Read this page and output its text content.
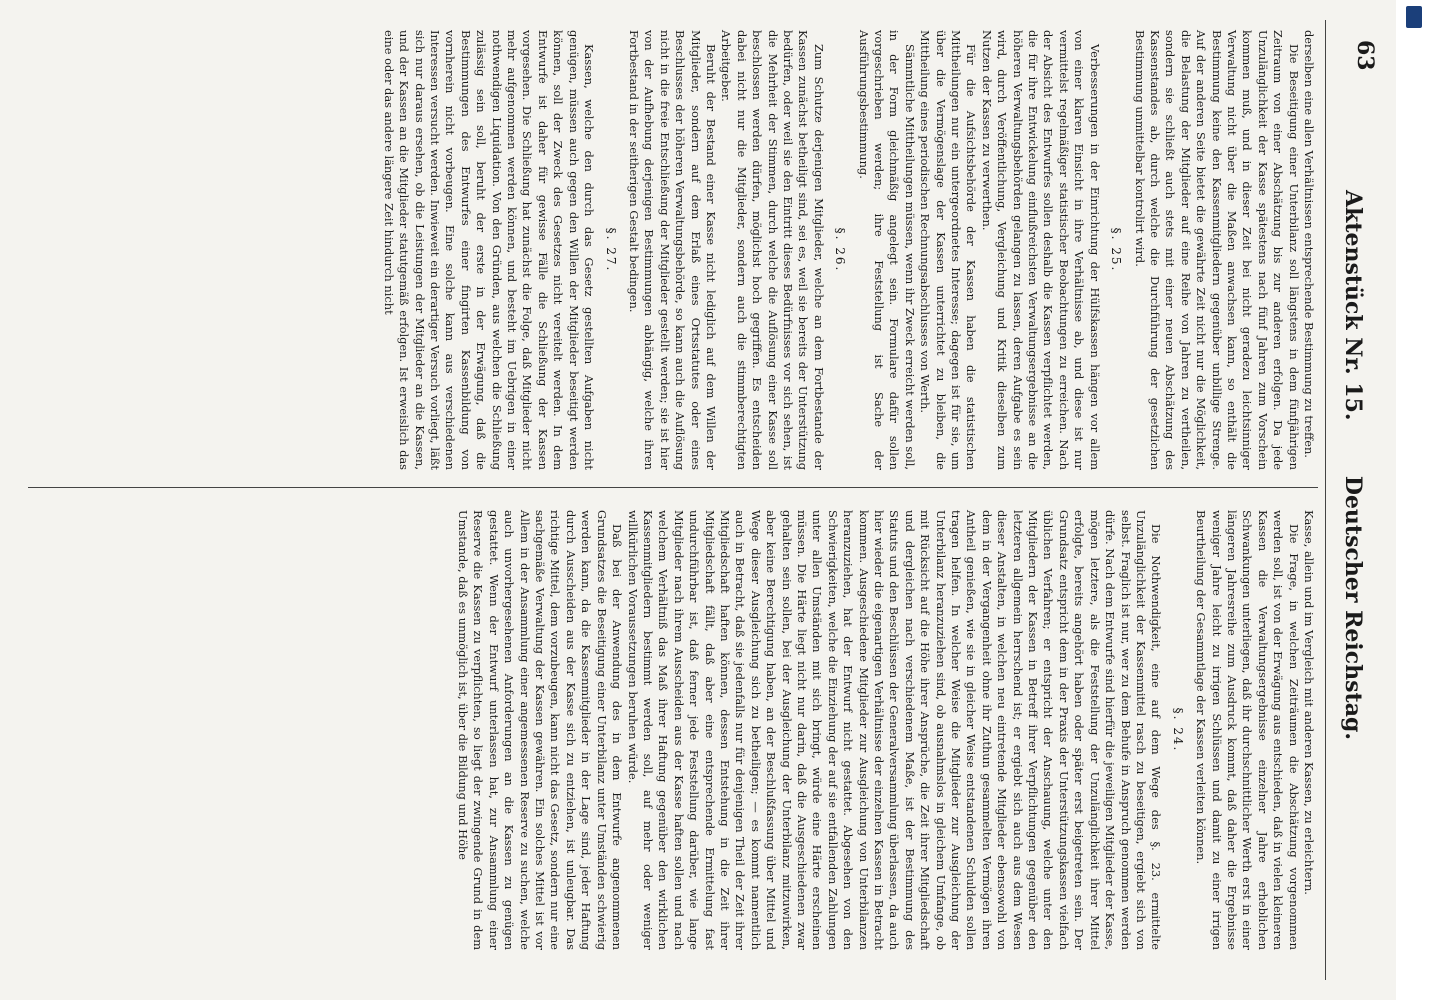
63
Deutscher Reichstag.
Aktenstück Nr. 15.

derselben eine allen Verhältnissen entsprechende Bestimmung zu treffen.

Die Beseitigung einer Unterbilanz soll längstens in dem fünfjährigen Zeitraum von einer Abschätzung bis zur anderen erfolgen. Da jede Unzulänglichkeit der Kasse spätestens nach fünf Jahren zum Vorschein kommen muß, und in dieser Zeit bei nicht geradezu leichtsinniger Verwaltung nicht über die Maßen anwachsen kann, so enthält die Bestimmung keine den Kassenmitgliedern gegenüber unbillige Strenge. Auf der anderen Seite bietet die gewährte Zeit nicht nur die Möglichkeit, die Belastung der Mitglieder auf eine Reihe von Jahren zu vertheilen, sondern sie schließt auch stets mit einer neuen Abschätzung des Kassenstandes ab, durch welche die Durchführung der gesetzlichen Bestimmung unmittelbar kontrolirt wird.

§. 25.

Verbesserungen in der Einrichtung der Hülfskassen hängen vor allem von einer klaren Einsicht in ihre Verhältnisse ab, und diese ist nur vermittelst regelmäßiger statistischer Beobachtungen zu erreichen. Nach der Absicht des Entwurfes sollen deshalb die Kassen verpflichtet werden, die für ihre Entwickelung einflußreichsten Verwaltungsergebnisse an die höheren Verwaltungsbehörden gelangen zu lassen, deren Aufgabe es sein wird, durch Veröffentlichung, Vergleichung und Kritik dieselben zum Nutzen der Kassen zu verwerthen.

Für die Aufsichtsbehörde der Kassen haben die statistischen Mittheilungen nur ein untergeordnetes Interesse; dagegen ist für sie, um über die Vermögenslage der Kassen unterrichtet zu bleiben, die Mittheilung eines periodischen Rechnungsabschlusses von Werth.

Sämmtliche Mittheilungen müssen, wenn ihr Zweck erreicht werden soll, in der Form gleichmäßig angelegt sein. Formulare dafür sollen vorgeschrieben werden; ihre Feststellung ist Sache der Ausführungsbestimmung.

§. 26.

Zum Schutze derjenigen Mitglieder, welche an dem Fortbestande der Kassen zunächst betheiligt sind, sei es, weil sie bereits der Unterstützung bedürfen, oder weil sie den Eintritt dieses Bedürfnisses vor sich sehen, ist die Mehrheit der Stimmen, durch welche die Auflösung einer Kasse soll beschlossen werden dürfen, möglichst hoch gegriffen. Es entscheiden dabei nicht nur die Mitglieder, sondern auch die stimmberechtigten Arbeitgeber.

Beruht der Bestand einer Kasse nicht lediglich auf dem Willen der Mitglieder, sondern auf dem Erlaß eines Ortsstatutes oder eines Beschlusses der höheren Verwaltungsbehörde, so kann auch die Auflösung nicht in die freie Entschließung der Mitglieder gestellt werden; sie ist hier von der Aufhebung derjenigen Bestimmungen abhängig, welche ihren Fortbestand in der seitherigen Gestalt bedingen.

§. 27.

Kassen, welche den durch das Gesetz gestellten Aufgaben nicht genügen, müssen auch gegen den Willen der Mitglieder beseitigt werden können, soll der Zweck des Gesetzes nicht vereitelt werden. In dem Entwurfe ist daher für gewisse Fälle die Schließung der Kassen vorgesehen. Die Schließung hat zunächst die Folge, daß Mitglieder nicht mehr aufgenommen werden können, und besteht im Uebrigen in einer nothwendigen Liquidation. Von den Gründen, aus welchen die Schließung zulässig sein soll, beruht der erste in der Erwägung, daß die Bestimmungen des Entwurfes einer fingirten Kassenbildung von vornherein nicht vorbeugen. Eine solche kann aus verschiedenen Interessen versucht werden. Inwieweit ein derartiger Versuch vorliegt, läßt sich nur daraus ersehen, ob die Leistungen der Mitglieder an die Kassen, und der Kassen an die Mitglieder statutgemäß erfolgen. Ist erweislich das eine oder das andere längere Zeit hindurch nicht

Kasse, allein und im Vergleich mit anderen Kassen, zu erleichtern.

Die Frage, in welchen Zeiträumen die Abschätzung vorgenommen werden soll, ist von der Erwägung aus entschieden, daß in vielen kleineren Kassen die Verwaltungsergebnisse einzelner Jahre erheblichen Schwankungen unterliegen, daß ihr durchschnittlicher Werth erst in einer längeren Jahresreihe zum Ausdruck kommt, daß daher die Ergebnisse weniger Jahre leicht zu irrigen Schlüssen und damit zu einer irrigen Beurtheilung der Gesammtlage der Kassen verleiten können.

§. 24.

Die Nothwendigkeit, eine auf dem Wege des §. 23. ermittelte Unzulänglichkeit der Kassenmittel rasch zu beseitigen, ergiebt sich von selbst. Fraglich ist nur, wer zu dem Behufe in Anspruch genommen werden dürfe. Nach dem Entwurfe sind hierfür die jeweiligen Mitglieder der Kasse, mögen letztere, als die Feststellung der Unzulänglichkeit ihrer Mittel erfolgte, bereits angehört haben oder später erst beigetreten sein. Der Grundsatz entspricht dem in der Praxis der Unterstützungskassen vielfach üblichen Verfahren; er entspricht der Anschauung, welche unter den Mitgliedern der Kassen in Betreff ihrer Verpflichtungen gegenüber den letzteren allgemein herrschend ist; er ergiebt sich auch aus dem Wesen dieser Anstalten, in welchen neu eintretende Mitglieder ebensowohl von dem in der Vergangenheit ohne ihr Zuthun gesammelten Vermögen ihren Antheil genießen, wie sie in gleicher Weise entstandenen Schulden sollen tragen helfen. In welcher Weise die Mitglieder zur Ausgleichung der Unterbilanz heranzuziehen sind, ob ausnahmslos in gleichem Umfange, ob mit Rücksicht auf die Höhe ihrer Ansprüche, die Zeit ihrer Mitgliedschaft und dergleichen nach verschiedenem Maße, ist der Bestimmung des Statuts und den Beschlüssen der Generalversammlung überlassen, da auch hier wieder die eigenartigen Verhältnisse der einzelnen Kassen in Betracht kommen. Ausgeschiedene Mitglieder zur Ausgleichung von Unterbilanzen heranzuziehen, hat der Entwurf nicht gestattet. Abgesehen von den Schwierigkeiten, welche die Einziehung der auf sie entfallenden Zahlungen unter allen Umständen mit sich bringt, würde eine Härte erscheinen müssen. Die Härte liegt nicht nur darin, daß die Ausgeschiedenen zwar gehalten sein sollen, bei der Ausgleichung der Unterbilanz mitzuwirken, aber keine Berechtigung haben, an der Beschlußfassung über Mittel und Wege dieser Ausgleichung sich zu betheiligen; — es kommt namentlich auch in Betracht, daß sie jedenfalls nur für denjenigen Theil der Zeit ihrer Mitgliedschaft haften können, dessen Entstehung in die Zeit ihrer Mitgliedschaft fällt, daß aber eine entsprechende Ermittelung fast undurchführbar ist, daß ferner jede Feststellung darüber, wie lange Mitglieder nach ihrem Ausscheiden aus der Kasse haften sollen und nach welchem Verhältniß das Maß ihrer Haftung gegenüber den wirklichen Kassenmitgliedern bestimmt werden soll, auf mehr oder weniger willkürlichen Voraussetzungen beruhen würde.

Daß bei der Anwendung des in dem Entwurfe angenommenen Grundsatzes die Beseitigung einer Unterbilanz unter Umständen schwierig werden kann, da die Kassenmitglieder in der Lage sind, jeder Haftung durch Ausscheiden aus der Kasse sich zu entziehen, ist unleugbar. Das richtige Mittel, dem vorzubeugen, kann nicht das Gesetz, sondern nur eine sachgemäße Verwaltung der Kassen gewähren. Ein solches Mittel ist vor Allem in der Ansammlung einer angemessenen Reserve zu suchen, welche auch unvorhergesehenen Anforderungen an die Kassen zu genügen gestattet. Wenn der Entwurf unterlassen hat, zur Ansammlung einer Reserve die Kassen zu verpflichten, so liegt der zwingende Grund in dem Umstande, daß es unmöglich ist, über die Bildung und Höhe
